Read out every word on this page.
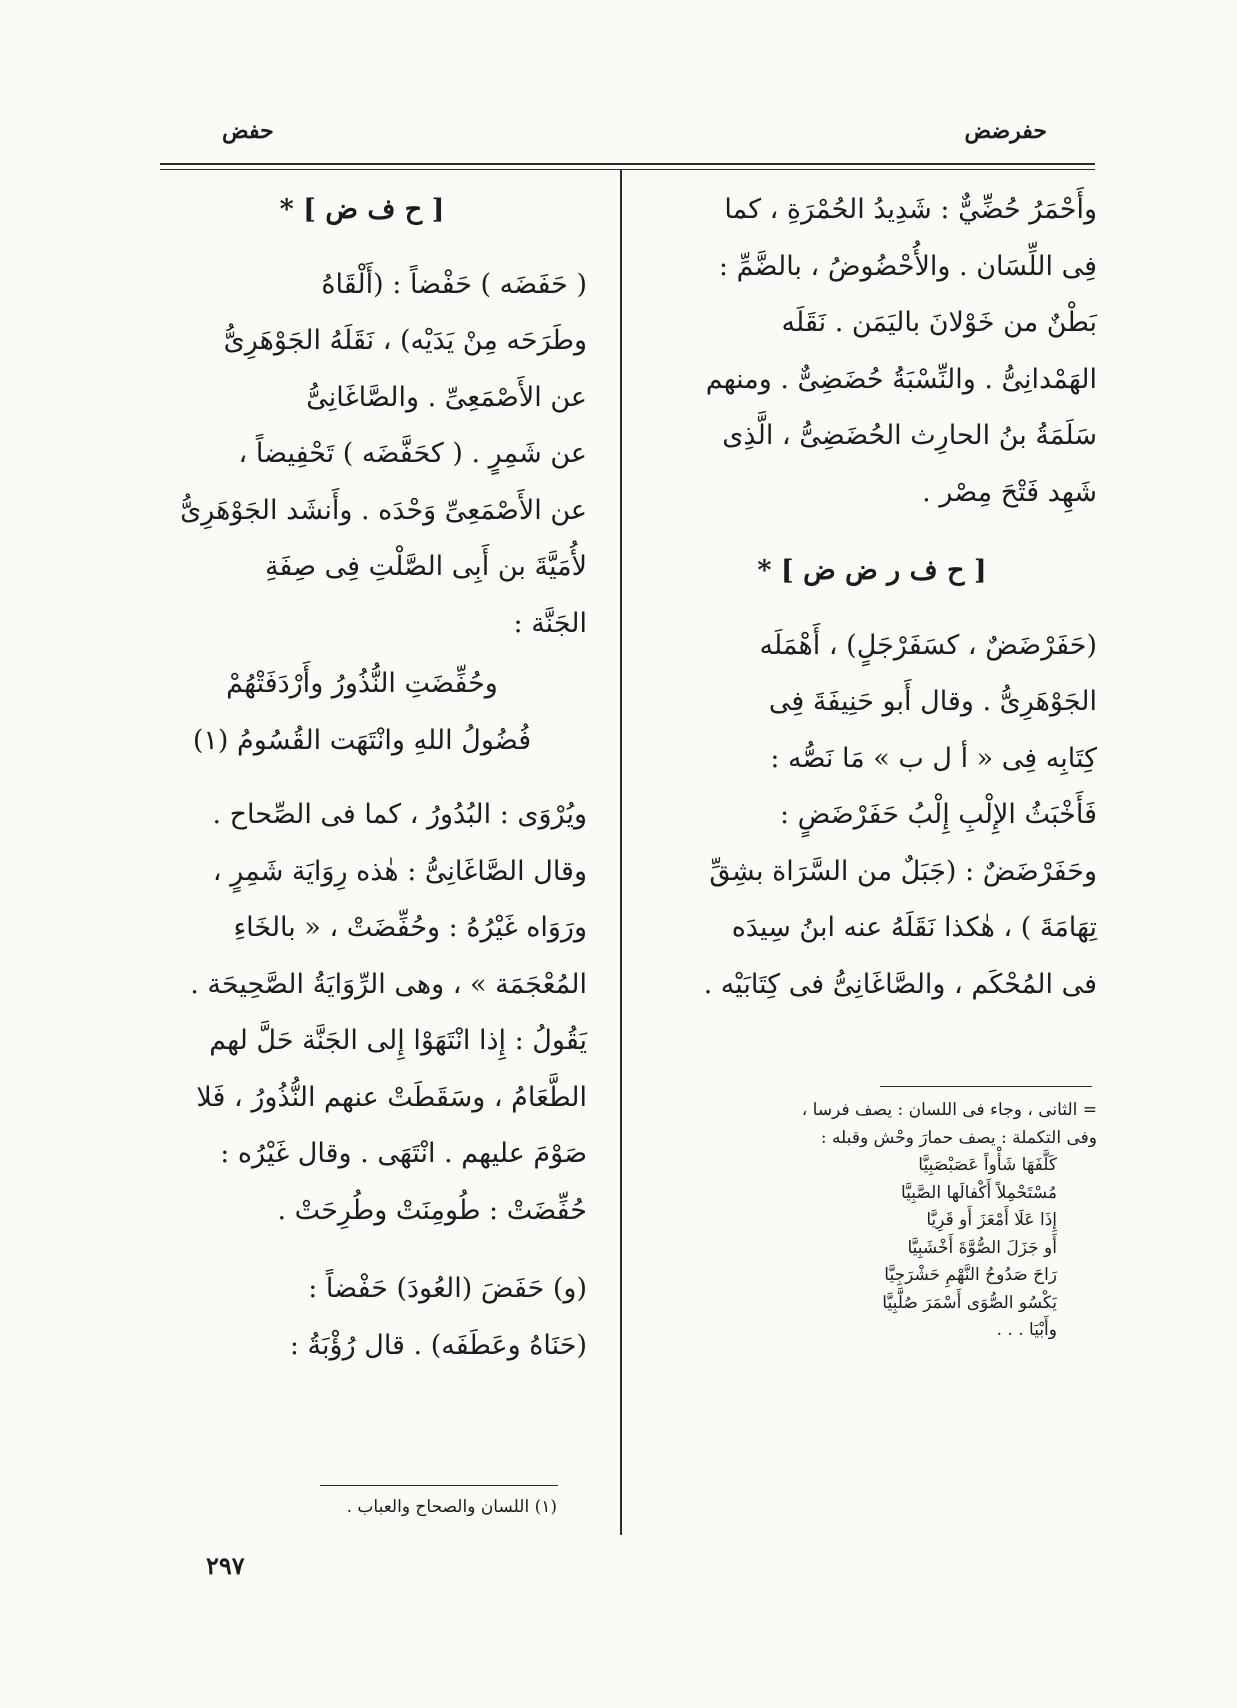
حفرضض
حفض
وأَحْمَرُ حُضِّيٌّ : شَدِيدُ الحُمْرَةِ ، كما
فِى اللِّسَان . والأُحْضُوضُ ، بالضَّمِّ :
بَطْنٌ من خَوْلانَ باليَمَن . نَقَلَه
الهَمْدانِىُّ . والنِّسْبَةُ حُضَضِىٌّ . ومنهم
سَلَمَةُ بنُ الحارِث الحُضَضِىُّ ، الَّذِى
شَهِد فَتْحَ مِصْر .
[ ح ف ر ض ض ] *
(حَفَرْضَضٌ ، كسَفَرْجَلٍ) ، أَهْمَلَه
الجَوْهَرِىُّ . وقال أَبو حَنِيفَةَ فِى
كِتَابِه فِى « أ ل ب » مَا نَصُّه :
فَأَخْبَثُ الإِلْبِ إِلْبُ حَفَرْضَضٍ :
وحَفَرْضَضٌ : (جَبَلٌ من السَّرَاة بشِقِّ
تِهَامَةَ ) ، هٰكذا نَقَلَهُ عنه ابنُ سِيدَه
فى المُحْكَم ، والصَّاغَانِىُّ فى كِتَابَيْه .

= الثانى ، وجاء فى اللسان : يصف فرسا ،

وفى التكملة : يصف حمارَ وحْش وقبله :

كَلَّفَهَا شَأْواً عَصَبْصَبِيَّا

مُسْتَحْمِلاً أَكْفالَها الصَّبِيَّا

إِذَا عَلَا أَمْعَزَ أَو قَرِيَّا

أَو جَزَلَ الصُّوَّةَ أَخْشَبِيَّا

رَاحَ صَدُوحُ النَّهْمِ حَشْرَجِيَّا

يَكْسُو الصُّوَى أَسْمَرَ صُلَّبِيَّا

وأَبْيَا . . .

[ ح ف ض ] *
( حَفَضَه ) حَفْضاً : (أَلْقَاهُ
وطَرَحَه مِنْ يَدَيْه) ، نَقَلَهُ الجَوْهَرِىُّ
عن الأَصْمَعِىِّ . والصَّاغَانِىُّ
عن شَمِرٍ . ( كحَفَّضَه ) تَحْفِيضاً ،
عن الأَصْمَعِىِّ وَحْدَه . وأَنشَد الجَوْهَرِىُّ
لأُمَيَّةَ بن أَبِى الصَّلْتِ فِى صِفَةِ
الجَنَّة :
وحُفِّضَتِ النُّذُورُ وأَرْدَفَتْهُمْ
فُضُولُ اللهِ وانْتَهَت القُسُومُ (١)
ويُرْوَى : البُدُورُ ، كما فى الصِّحاح .
وقال الصَّاغَانِىُّ : هٰذه رِوَايَة شَمِرٍ ،
ورَوَاه غَيْرُهُ : وحُفِّضَتْ ، « بالخَاءِ
المُعْجَمَة » ، وهى الرِّوَايَةُ الصَّحِيحَة .
يَقُولُ : إِذا انْتَهَوْا إِلى الجَنَّة حَلَّ لهم
الطَّعَامُ ، وسَقَطَتْ عنهم النُّذُورُ ، فَلا
صَوْمَ عليهم . انْتَهَى . وقال غَيْرُه :
حُفِّضَتْ : طُومِنَتْ وطُرِحَتْ .
(و) حَفَضَ (العُودَ) حَفْضاً :
(حَنَاهُ وعَطَفَه) . قال رُؤْبَةُ :
(١) اللسان والصحاح والعباب .
٢٩٧
